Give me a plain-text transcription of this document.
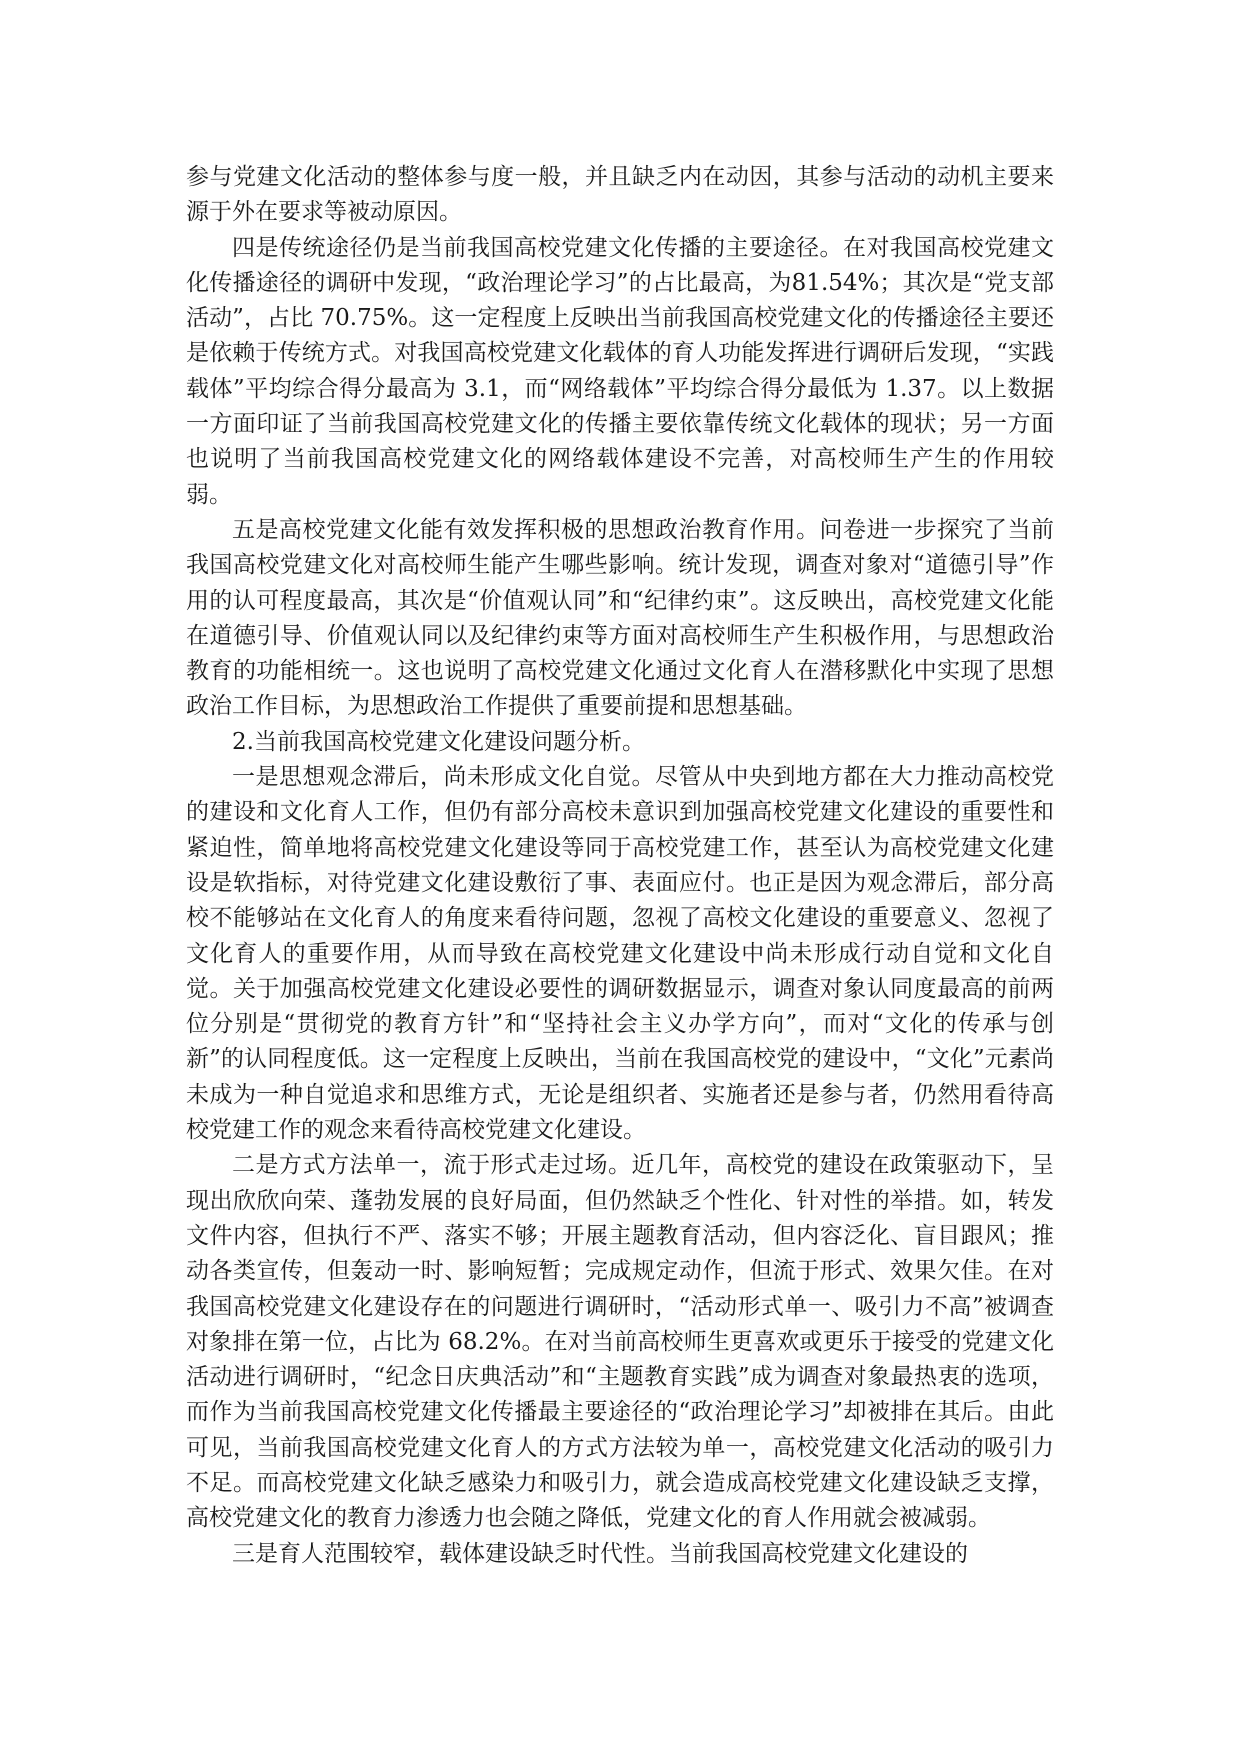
参与党建文化活动的整体参与度一般，并且缺乏内在动因，其参与活动的动机主要来源于外在要求等被动原因。

四是传统途径仍是当前我国高校党建文化传播的主要途径。在对我国高校党建文化传播途径的调研中发现，“政治理论学习”的占比最高，为81.54%；其次是“党支部活动”，占比 70.75%。这一定程度上反映出当前我国高校党建文化的传播途径主要还是依赖于传统方式。对我国高校党建文化载体的育人功能发挥进行调研后发现，“实践载体”平均综合得分最高为 3.1，而“网络载体”平均综合得分最低为 1.37。以上数据一方面印证了当前我国高校党建文化的传播主要依靠传统文化载体的现状；另一方面也说明了当前我国高校党建文化的网络载体建设不完善，对高校师生产生的作用较弱。

五是高校党建文化能有效发挥积极的思想政治教育作用。问卷进一步探究了当前我国高校党建文化对高校师生能产生哪些影响。统计发现，调查对象对“道德引导”作用的认可程度最高，其次是“价值观认同”和“纪律约束”。这反映出，高校党建文化能在道德引导、价值观认同以及纪律约束等方面对高校师生产生积极作用，与思想政治教育的功能相统一。这也说明了高校党建文化通过文化育人在潜移默化中实现了思想政治工作目标，为思想政治工作提供了重要前提和思想基础。

2.当前我国高校党建文化建设问题分析。

一是思想观念滞后，尚未形成文化自觉。尽管从中央到地方都在大力推动高校党的建设和文化育人工作，但仍有部分高校未意识到加强高校党建文化建设的重要性和紧迫性，简单地将高校党建文化建设等同于高校党建工作，甚至认为高校党建文化建设是软指标，对待党建文化建设敷衍了事、表面应付。也正是因为观念滞后，部分高校不能够站在文化育人的角度来看待问题，忽视了高校文化建设的重要意义、忽视了文化育人的重要作用，从而导致在高校党建文化建设中尚未形成行动自觉和文化自觉。关于加强高校党建文化建设必要性的调研数据显示，调查对象认同度最高的前两位分别是“贯彻党的教育方针”和“坚持社会主义办学方向”，而对“文化的传承与创新”的认同程度低。这一定程度上反映出，当前在我国高校党的建设中，“文化”元素尚未成为一种自觉追求和思维方式，无论是组织者、实施者还是参与者，仍然用看待高校党建工作的观念来看待高校党建文化建设。

二是方式方法单一，流于形式走过场。近几年，高校党的建设在政策驱动下，呈现出欣欣向荣、蓬勃发展的良好局面，但仍然缺乏个性化、针对性的举措。如，转发文件内容，但执行不严、落实不够；开展主题教育活动，但内容泛化、盲目跟风；推动各类宣传，但轰动一时、影响短暂；完成规定动作，但流于形式、效果欠佳。在对我国高校党建文化建设存在的问题进行调研时，“活动形式单一、吸引力不高”被调查对象排在第一位，占比为 68.2%。在对当前高校师生更喜欢或更乐于接受的党建文化活动进行调研时，“纪念日庆典活动”和“主题教育实践”成为调查对象最热衷的选项，而作为当前我国高校党建文化传播最主要途径的“政治理论学习”却被排在其后。由此可见，当前我国高校党建文化育人的方式方法较为单一，高校党建文化活动的吸引力不足。而高校党建文化缺乏感染力和吸引力，就会造成高校党建文化建设缺乏支撑，高校党建文化的教育力渗透力也会随之降低，党建文化的育人作用就会被减弱。

三是育人范围较窄，载体建设缺乏时代性。当前我国高校党建文化建设的
